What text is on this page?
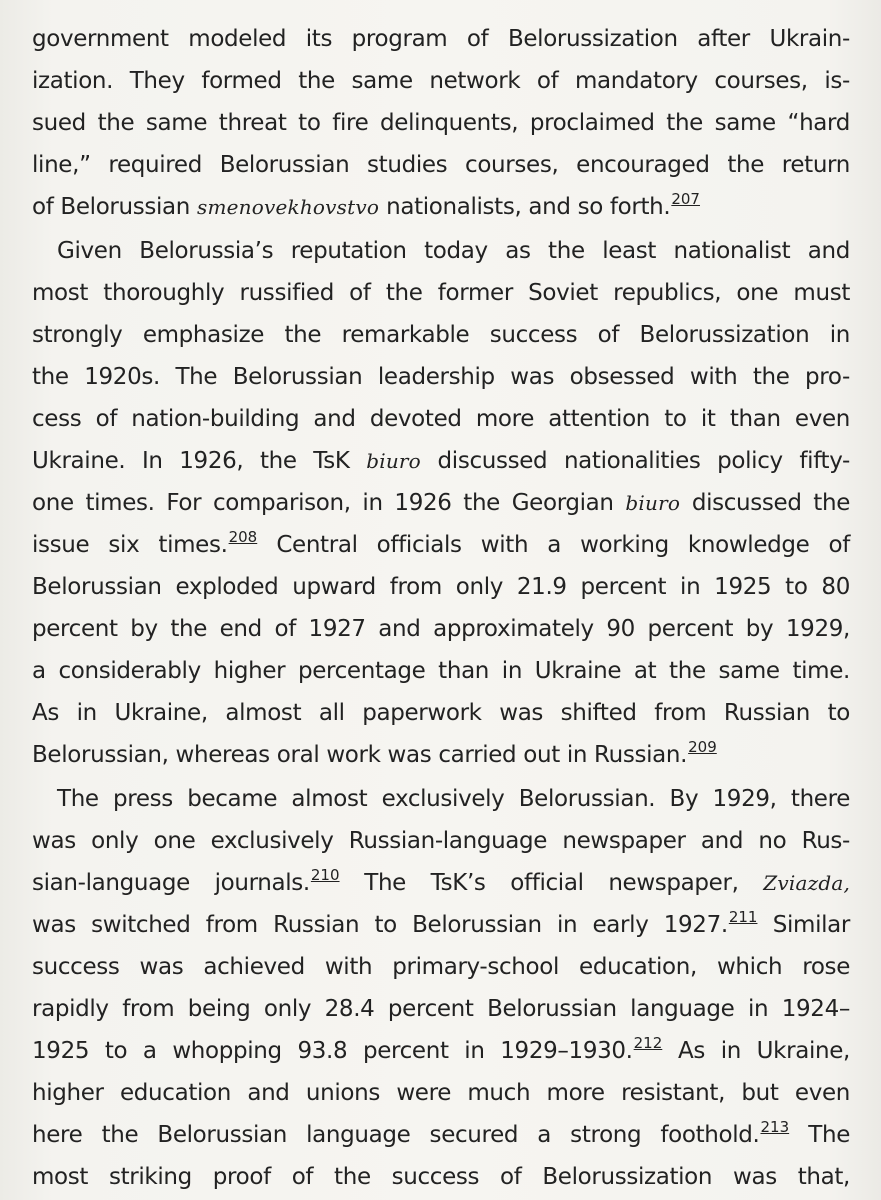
government modeled its program of Belorussization after Ukrain-
ization. They formed the same network of mandatory courses, is-
sued the same threat to fire delinquents, proclaimed the same “hard
line,” required Belorussian studies courses, encouraged the return
of Belorussian smenovekhovstvo nationalists, and so forth.$^{207}$
Given Belorussia’s reputation today as the least nationalist and
most thoroughly russified of the former Soviet republics, one must
strongly emphasize the remarkable success of Belorussization in
the 1920s. The Belorussian leadership was obsessed with the pro-
cess of nation-building and devoted more attention to it than even
Ukraine. In 1926, the TsK biuro discussed nationalities policy fifty-
one times. For comparison, in 1926 the Georgian biuro discussed the
issue six times.$^{208}$ Central officials with a working knowledge of
Belorussian exploded upward from only 21.9 percent in 1925 to 80
percent by the end of 1927 and approximately 90 percent by 1929,
a considerably higher percentage than in Ukraine at the same time.
As in Ukraine, almost all paperwork was shifted from Russian to
Belorussian, whereas oral work was carried out in Russian.$^{209}$
The press became almost exclusively Belorussian. By 1929, there
was only one exclusively Russian-language newspaper and no Rus-
sian-language journals.$^{210}$ The TsK’s official newspaper, Zviazda,
was switched from Russian to Belorussian in early 1927.$^{211}$ Similar
success was achieved with primary-school education, which rose
rapidly from being only 28.4 percent Belorussian language in 1924–
1925 to a whopping 93.8 percent in 1929–1930.$^{212}$ As in Ukraine,
higher education and unions were much more resistant, but even
here the Belorussian language secured a strong foothold.$^{213}$ The
most striking proof of the success of Belorussization was that,
